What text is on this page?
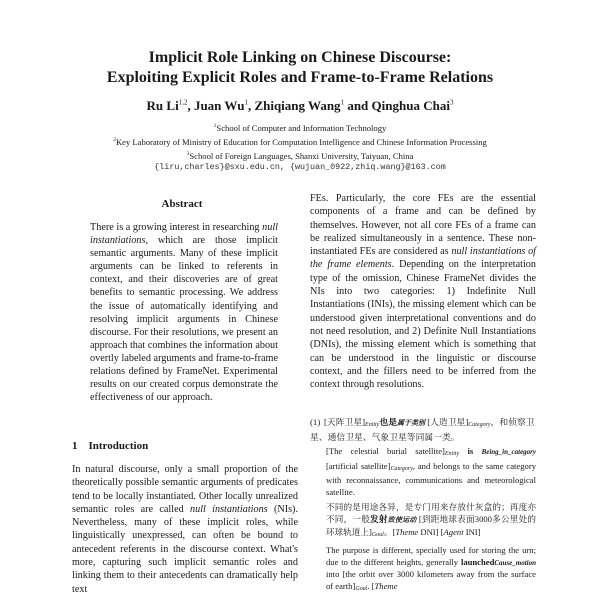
Implicit Role Linking on Chinese Discourse:
Exploiting Explicit Roles and Frame-to-Frame Relations
Ru Li$^{1,2}$, Juan Wu$^1$, Zhiqiang Wang$^1$ and Qinghua Chai$^3$
$^1$School of Computer and Information Technology
$^2$Key Laboratory of Ministry of Education for Computation Intelligence and Chinese Information Processing
$^3$School of Foreign Languages, Shanxi University, Taiyuan, China
{liru,charles}@sxu.edu.cn, {wujuan_0922,zhiq.wang}@163.com
Abstract
There is a growing interest in researching null instantiations, which are those implicit semantic arguments. Many of these implicit arguments can be linked to referents in context, and their discoveries are of great benefits to semantic processing. We address the issue of automatically identifying and resolving implicit arguments in Chinese discourse. For their resolutions, we present an approach that combines the information about overtly labeled arguments and frame-to-frame relations defined by FrameNet. Experimental results on our created corpus demonstrate the effectiveness of our approach.
1 Introduction
In natural discourse, only a small proportion of the theoretically possible semantic arguments of predicates tend to be locally instantiated. Other locally unrealized semantic roles are called null instantiations (NIs). Nevertheless, many of these implicit roles, while linguistically unexpressed, can often be bound to antecedent referents in the discourse context. What's more, capturing such implicit semantic roles and linking them to their antecedents can dramatically help text
FEs. Particularly, the core FEs are the essential components of a frame and can be defined by themselves. However, not all core FEs of a frame can be realized simultaneously in a sentence. These non-instantiated FEs are considered as null instantiations of the frame elements. Depending on the interpretation type of the omission, Chinese FrameNet divides the NIs into two categories: 1) Indefinite Null Instantiations (INIs), the missing element which can be understood given interpretational conventions and do not need resolution, and 2) Definite Null Instantiations (DNIs), the missing element which is something that can be understood in the linguistic or discourse context, and the fillers need to be inferred from the context through resolutions.
(1) [天阵卫星]Entity也是属于类别 [人造卫星]Category，和侦察卫星、通信卫星、气象卫星等同属一类。
[The celestial burial satellite]Entity is Being_in_category [artificial satellite]Category, and belongs to the same category with reconnaissance, communications and meteorological satellite.
不同的是用途各异，是专门用来存放什灰盒的；再度亦不同，一般发射致使运动 [到距地球表面3000多公里处的环球轨道上]Goal。[Theme DNI] [Agent INI]
The purpose is different, specially used for storing the urn; due to the different heights, generally launchedCause_motion into [the orbit over 3000 kilometers away from the surface of earth]Goal. [Theme
